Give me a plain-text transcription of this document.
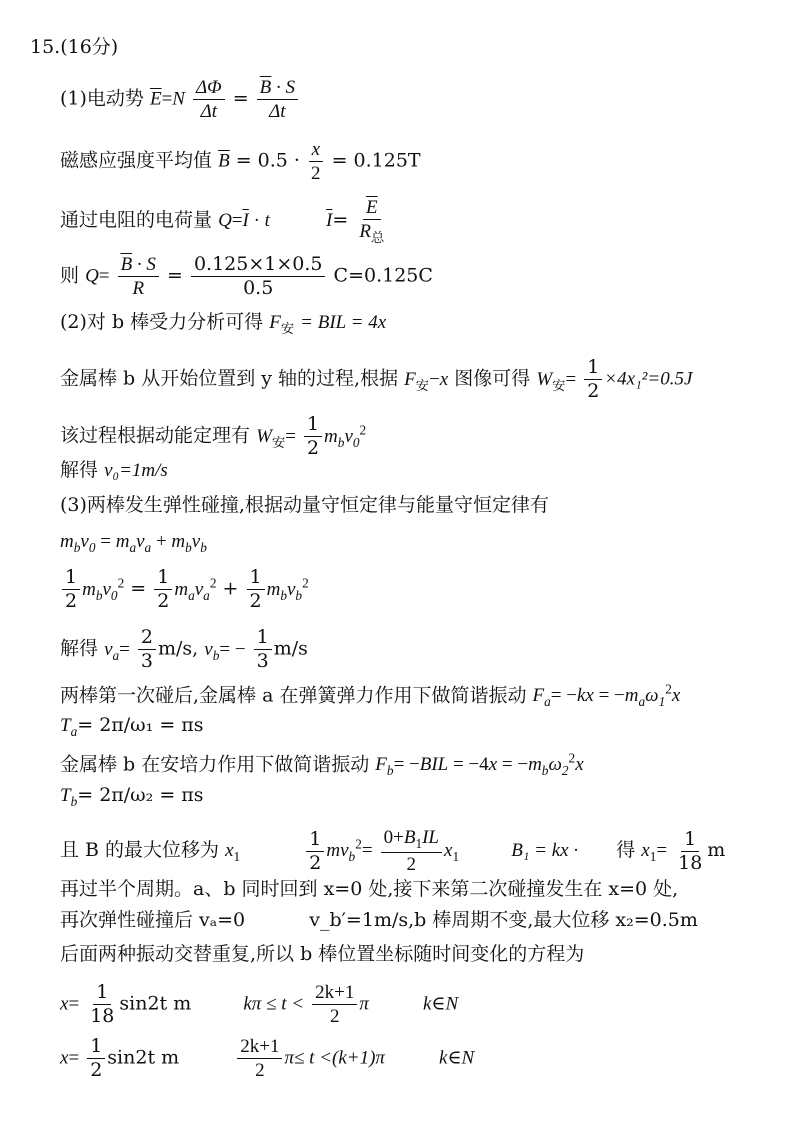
15.(16分)
(1)电动势 $\overline{E}=N \frac{\Delta\Phi}{\Delta t} = \frac{\overline{B} \cdot S}{\Delta t}$
磁感应强度平均值 $\overline{B} = 0.5 \cdot \frac{x}{2} = 0.125T$
通过电阻的电荷量 $Q=\overline{I} \cdot t$	$\overline{I}= \frac{\overline{E}}{R_总}$
则 $Q= \frac{\overline{B} \cdot S}{R} = \frac{0.125\times 1\times 0.5}{0.5} C=0.125C$
(2)对 b 棒受力分析可得 $F_安$ = BIL = 4x
金属棒 b 从开始位置到 y 轴的过程,根据 $F_安-x$ 图像可得 $W_安= \frac{1}{2} \times 4x_1^2=0.5J$
该过程根据动能定理有 $W_安= \frac{1}{2} m_bv_0^2$
解得 v₀=1m/s
(3)两棒发生弹性碰撞,根据动量守恒定律与能量守恒定律有
$m_bv_0 = m_av_a + m_bv_b$
$\frac{1}{2} m_bv_0^2 = \frac{1}{2} m_av_a^2 + \frac{1}{2} m_bv_b^2$
解得 $v_a= \frac{2}{3} m/s$, $v_b= - \frac{1}{3} m/s$
两棒第一次碰后,金属棒 a 在弹簧弹力作用下做简谐振动 $F_a= -kx = -m_a\omega_1^2x$
$T_a= 2\pi/\omega_1 = \pi s$
金属棒 b 在安培力作用下做简谐振动 $F_b= -BIL = -4x = -m_b\omega_2^2x$
$T_b= 2\pi/\omega_2 = \pi s$
且 B 的最大位移为 $x_1$	$\frac{1}{2} mv_b^2= \frac{0+B_1IL}{2} x_1$	B₁ = kx · 得 $x_1= \frac{1}{18}$ m
再过半个周期。a、b 同时回到 x=0 处,接下来第二次碰撞发生在 x=0 处,
再次弹性碰撞后 vₐ=0	v_b′=1m/s,b 棒周期不变,最大位移 x₂=0.5m
后面两种振动交替重复,所以 b 棒位置坐标随时间变化的方程为
$x= \frac{1}{18} \sin 2t$ m	$k\pi \le t < \frac{2k+1}{2}$ π	k∈N
$x= \frac{1}{2} \sin 2t$ m	$\frac{2k+1}{2} \pi\le t <(k+1)\pi$	k∈N
